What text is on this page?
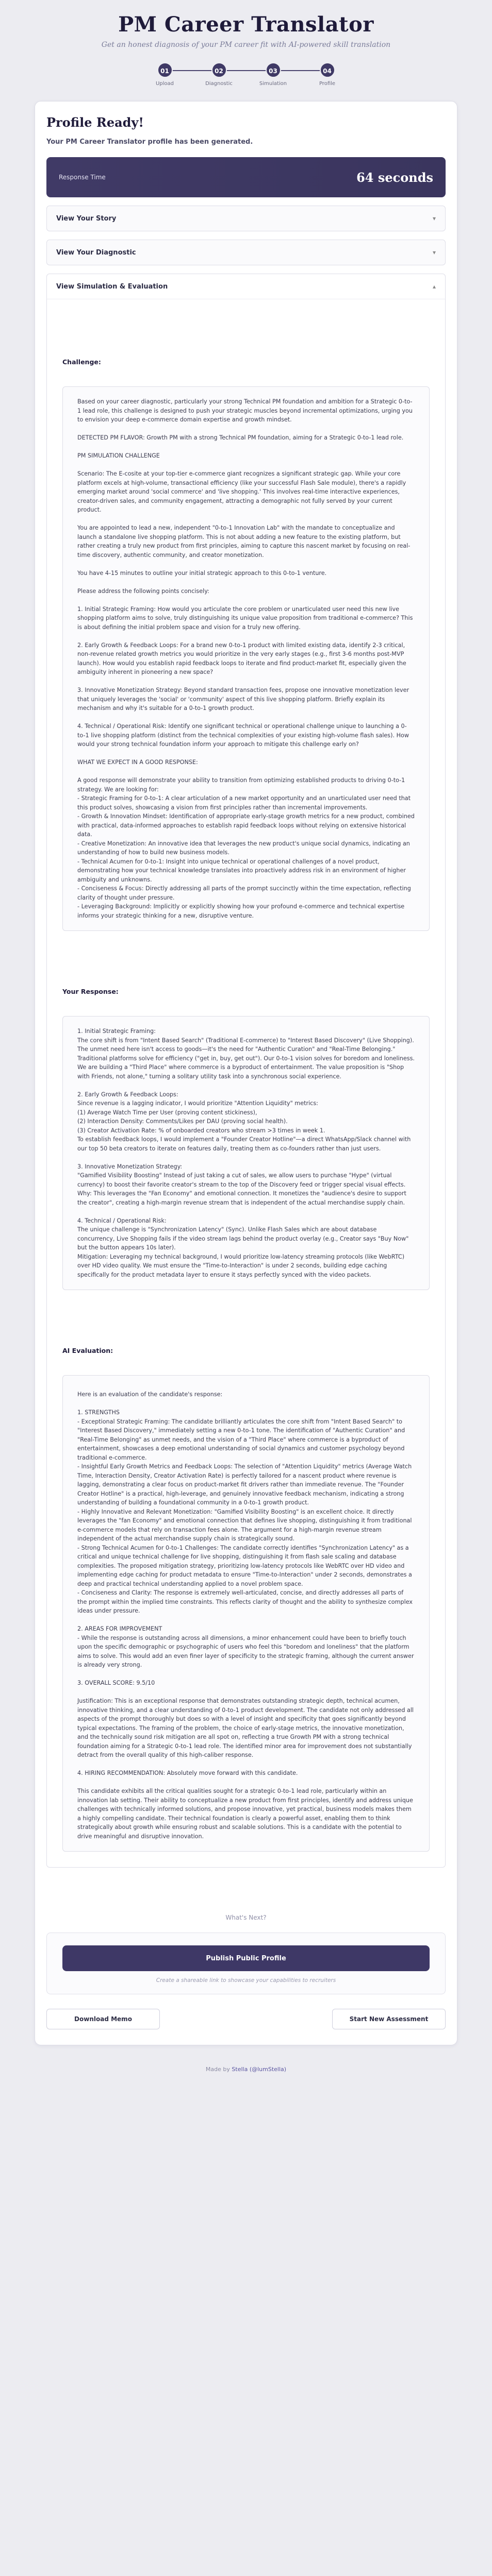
PM Career Translator

Get an honest diagnosis of your PM career fit with AI-powered skill translation

01
Upload
02
Diagnostic
03
Simulation
04
Profile
Profile Ready!

Your PM Career Translator profile has been generated.

Response Time	64 seconds
View Your Story	▾
View Your Diagnostic	▾
View Simulation & Evaluation	▴
Challenge:
Based on your career diagnostic, particularly your strong Technical PM foundation and ambition for a Strategic 0-to-1 lead role, this challenge is designed to push your strategic muscles beyond incremental optimizations, urging you to envision your deep e-commerce domain expertise and growth mindset.

DETECTED PM FLAVOR: Growth PM with a strong Technical PM foundation, aiming for a Strategic 0-to-1 lead role.

PM SIMULATION CHALLENGE

Scenario: The E-cosite at your top-tier e-commerce giant recognizes a significant strategic gap. While your core platform excels at high-volume, transactional efficiency (like your successful Flash Sale module), there's a rapidly emerging market around 'social commerce' and 'live shopping.' This involves real-time interactive experiences, creator-driven sales, and community engagement, attracting a demographic not fully served by your current product.

You are appointed to lead a new, independent "0-to-1 Innovation Lab" with the mandate to conceptualize and launch a standalone live shopping platform. This is not about adding a new feature to the existing platform, but rather creating a truly new product from first principles, aiming to capture this nascent market by focusing on real-time discovery, authentic community, and creator monetization.

You have 4-15 minutes to outline your initial strategic approach to this 0-to-1 venture.

Please address the following points concisely:

1. Initial Strategic Framing: How would you articulate the core problem or unarticulated user need this new live shopping platform aims to solve, truly distinguishing its unique value proposition from traditional e-commerce? This is about defining the initial problem space and vision for a truly new offering.

2. Early Growth & Feedback Loops: For a brand new 0-to-1 product with limited existing data, identify 2-3 critical, non-revenue related growth metrics you would prioritize in the very early stages (e.g., first 3-6 months post-MVP launch). How would you establish rapid feedback loops to iterate and find product-market fit, especially given the ambiguity inherent in pioneering a new space?

3. Innovative Monetization Strategy: Beyond standard transaction fees, propose one innovative monetization lever that uniquely leverages the 'social' or 'community' aspect of this live shopping platform. Briefly explain its mechanism and why it's suitable for a 0-to-1 growth product.

4. Technical / Operational Risk: Identify one significant technical or operational challenge unique to launching a 0-to-1 live shopping platform (distinct from the technical complexities of your existing high-volume flash sales). How would your strong technical foundation inform your approach to mitigate this challenge early on?

WHAT WE EXPECT IN A GOOD RESPONSE:

A good response will demonstrate your ability to transition from optimizing established products to driving 0-to-1 strategy. We are looking for:
- Strategic Framing for 0-to-1: A clear articulation of a new market opportunity and an unarticulated user need that this product solves, showcasing a vision from first principles rather than incremental improvements.
- Growth & Innovation Mindset: Identification of appropriate early-stage growth metrics for a new product, combined with practical, data-informed approaches to establish rapid feedback loops without relying on extensive historical data.
- Creative Monetization: An innovative idea that leverages the new product's unique social dynamics, indicating an understanding of how to build new business models.
- Technical Acumen for 0-to-1: Insight into unique technical or operational challenges of a novel product, demonstrating how your technical knowledge translates into proactively address risk in an environment of higher ambiguity and unknowns.
- Conciseness & Focus: Directly addressing all parts of the prompt succinctly within the time expectation, reflecting clarity of thought under pressure.
- Leveraging Background: Implicitly or explicitly showing how your profound e-commerce and technical expertise informs your strategic thinking for a new, disruptive venture.
Your Response:
1. Initial Strategic Framing:
The core shift is from "Intent Based Search" (Traditional E-commerce) to "Interest Based Discovery" (Live Shopping). The unmet need here isn't access to goods—it's the need for "Authentic Curation" and "Real-Time Belonging." Traditional platforms solve for efficiency ("get in, buy, get out"). Our 0-to-1 vision solves for boredom and loneliness. We are building a "Third Place" where commerce is a byproduct of entertainment. The value proposition is "Shop with Friends, not alone," turning a solitary utility task into a synchronous social experience.

2. Early Growth & Feedback Loops:
Since revenue is a lagging indicator, I would prioritize "Attention Liquidity" metrics:
(1) Average Watch Time per User (proving content stickiness),
(2) Interaction Density: Comments/Likes per DAU (proving social health).
(3) Creator Activation Rate: % of onboarded creators who stream >3 times in week 1.
To establish feedback loops, I would implement a "Founder Creator Hotline"—a direct WhatsApp/Slack channel with our top 50 beta creators to iterate on features daily, treating them as co-founders rather than just users.

3. Innovative Monetization Strategy:
"Gamified Visibility Boosting" Instead of just taking a cut of sales, we allow users to purchase "Hype" (virtual currency) to boost their favorite creator's stream to the top of the Discovery feed or trigger special visual effects.
Why: This leverages the "Fan Economy" and emotional connection. It monetizes the "audience's desire to support the creator", creating a high-margin revenue stream that is independent of the actual merchandise supply chain.

4. Technical / Operational Risk:
The unique challenge is "Synchronization Latency" (Sync). Unlike Flash Sales which are about database concurrency, Live Shopping fails if the video stream lags behind the product overlay (e.g., Creator says "Buy Now" but the button appears 10s later).
Mitigation: Leveraging my technical background, I would prioritize low-latency streaming protocols (like WebRTC) over HD video quality. We must ensure the "Time-to-Interaction" is under 2 seconds, building edge caching specifically for the product metadata layer to ensure it stays perfectly synced with the video packets.
AI Evaluation:
Here is an evaluation of the candidate's response:

1. STRENGTHS
- Exceptional Strategic Framing: The candidate brilliantly articulates the core shift from "Intent Based Search" to "Interest Based Discovery," immediately setting a new 0-to-1 tone. The identification of "Authentic Curation" and "Real-Time Belonging" as unmet needs, and the vision of a "Third Place" where commerce is a byproduct of entertainment, showcases a deep emotional understanding of social dynamics and customer psychology beyond traditional e-commerce.
- Insightful Early Growth Metrics and Feedback Loops: The selection of "Attention Liquidity" metrics (Average Watch Time, Interaction Density, Creator Activation Rate) is perfectly tailored for a nascent product where revenue is lagging, demonstrating a clear focus on product-market fit drivers rather than immediate revenue. The "Founder Creator Hotline" is a practical, high-leverage, and genuinely innovative feedback mechanism, indicating a strong understanding of building a foundational community in a 0-to-1 growth product.
- Highly Innovative and Relevant Monetization: "Gamified Visibility Boosting" is an excellent choice. It directly leverages the "fan Economy" and emotional connection that defines live shopping, distinguishing it from traditional e-commerce models that rely on transaction fees alone. The argument for a high-margin revenue stream independent of the actual merchandise supply chain is strategically sound.
- Strong Technical Acumen for 0-to-1 Challenges: The candidate correctly identifies "Synchronization Latency" as a critical and unique technical challenge for live shopping, distinguishing it from flash sale scaling and database complexities. The proposed mitigation strategy, prioritizing low-latency protocols like WebRTC over HD video and implementing edge caching for product metadata to ensure "Time-to-Interaction" under 2 seconds, demonstrates a deep and practical technical understanding applied to a novel problem space.
- Conciseness and Clarity: The response is extremely well-articulated, concise, and directly addresses all parts of the prompt within the implied time constraints. This reflects clarity of thought and the ability to synthesize complex ideas under pressure.

2. AREAS FOR IMPROVEMENT
- While the response is outstanding across all dimensions, a minor enhancement could have been to briefly touch upon the specific demographic or psychographic of users who feel this "boredom and loneliness" that the platform aims to solve. This would add an even finer layer of specificity to the strategic framing, although the current answer is already very strong.

3. OVERALL SCORE: 9.5/10

Justification: This is an exceptional response that demonstrates outstanding strategic depth, technical acumen, innovative thinking, and a clear understanding of 0-to-1 product development. The candidate not only addressed all aspects of the prompt thoroughly but does so with a level of insight and specificity that goes significantly beyond typical expectations. The framing of the problem, the choice of early-stage metrics, the innovative monetization, and the technically sound risk mitigation are all spot on, reflecting a true Growth PM with a strong technical foundation aiming for a Strategic 0-to-1 lead role. The identified minor area for improvement does not substantially detract from the overall quality of this high-caliber response.

4. HIRING RECOMMENDATION: Absolutely move forward with this candidate.

This candidate exhibits all the critical qualities sought for a strategic 0-to-1 lead role, particularly within an innovation lab setting. Their ability to conceptualize a new product from first principles, identify and address unique challenges with technically informed solutions, and propose innovative, yet practical, business models makes them a highly compelling candidate. Their technical foundation is clearly a powerful asset, enabling them to think strategically about growth while ensuring robust and scalable solutions. This is a candidate with the potential to drive meaningful and disruptive innovation.

What's Next?

Publish Public Profile

Create a shareable link to showcase your capabilities to recruiters

Download Memo	Start New Assessment
Made by Stella (@lumStella)
